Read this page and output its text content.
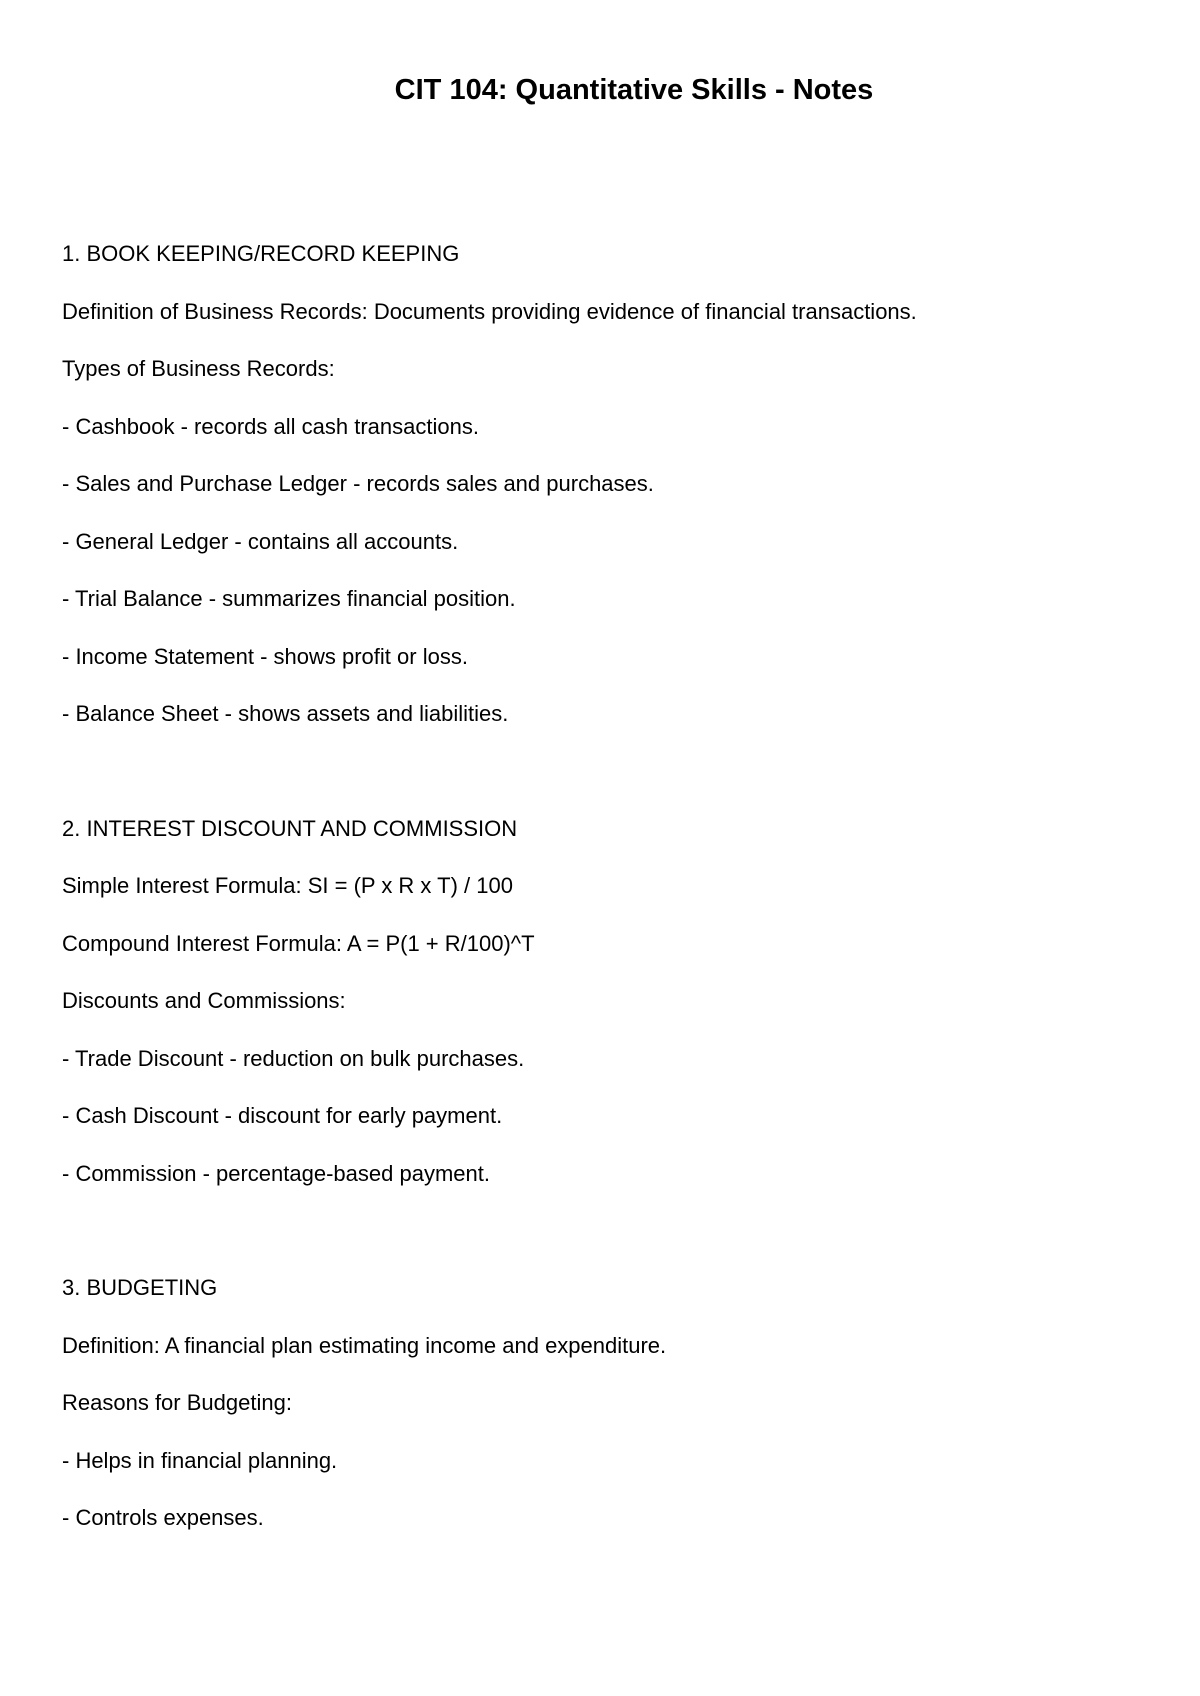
CIT 104: Quantitative Skills - Notes

1. BOOK KEEPING/RECORD KEEPING

Definition of Business Records: Documents providing evidence of financial transactions.

Types of Business Records:

- Cashbook - records all cash transactions.

- Sales and Purchase Ledger - records sales and purchases.

- General Ledger - contains all accounts.

- Trial Balance - summarizes financial position.

- Income Statement - shows profit or loss.

- Balance Sheet - shows assets and liabilities.

2. INTEREST DISCOUNT AND COMMISSION

Simple Interest Formula: SI = (P x R x T) / 100

Compound Interest Formula: A = P(1 + R/100)^T

Discounts and Commissions:

- Trade Discount - reduction on bulk purchases.

- Cash Discount - discount for early payment.

- Commission - percentage-based payment.

3. BUDGETING

Definition: A financial plan estimating income and expenditure.

Reasons for Budgeting:

- Helps in financial planning.

- Controls expenses.
